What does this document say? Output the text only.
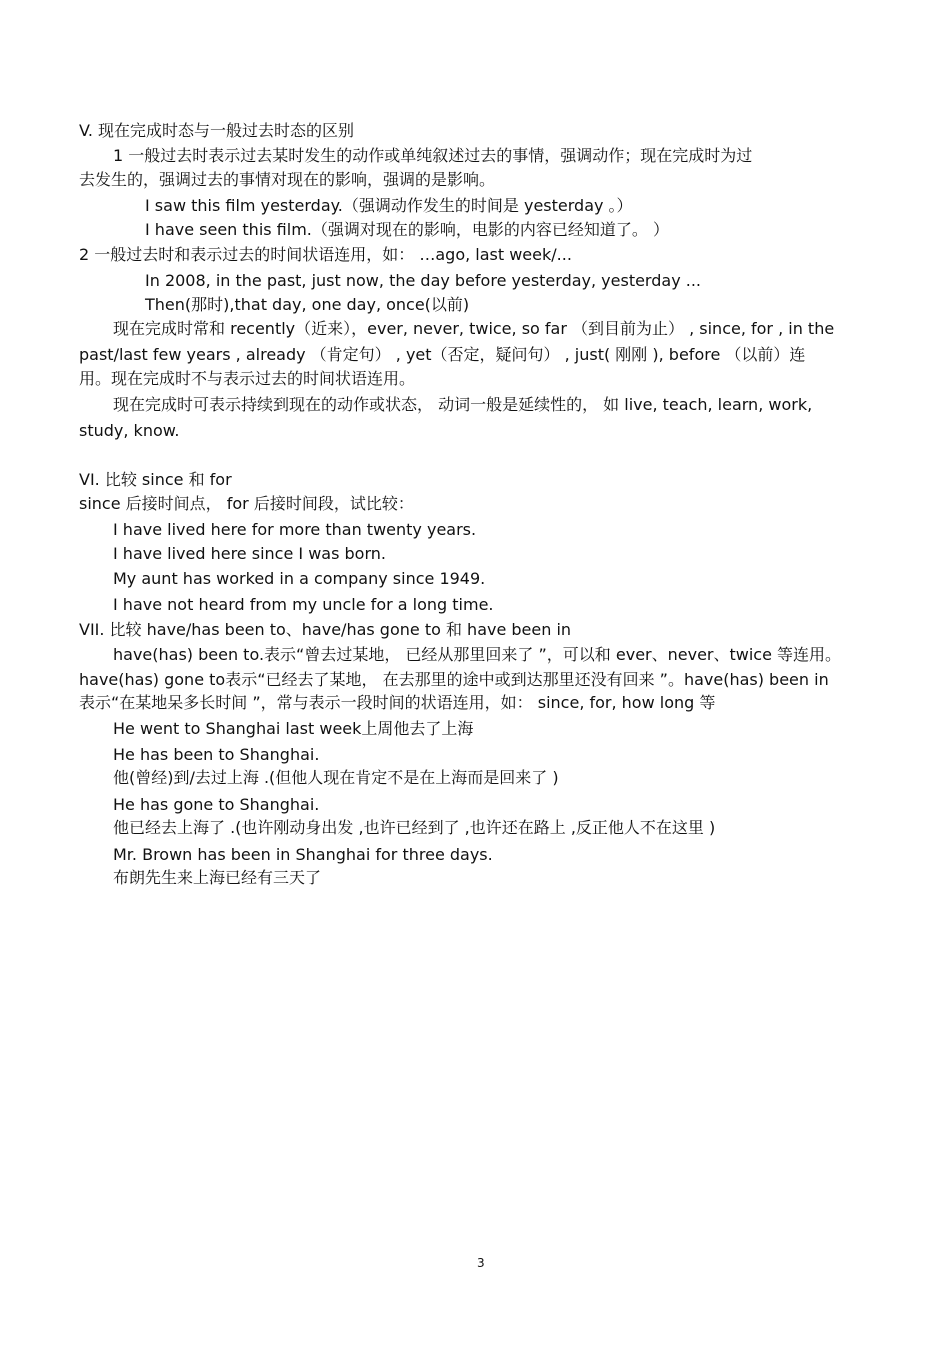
V. 现在完成时态与一般过去时态的区别
1 一般过去时表示过去某时发生的动作或单纯叙述过去的事情，强调动作；现在完成时为过
去发生的，强调过去的事情对现在的影响，强调的是影响。
I saw this film yesterday.（强调动作发生的时间是 yesterday 。）
I have seen this film.（强调对现在的影响，电影的内容已经知道了。 ）
2 一般过去时和表示过去的时间状语连用，如： …ago, last week/...
In 2008, in the past, just now, the day before yesterday, yesterday ...
Then(那时),that day, one day, once(以前)
现在完成时常和 recently（近来），ever, never, twice, so far （到目前为止） , since, for , in the
past/last few years , already （肯定句） , yet（否定，疑问句） , just( 刚刚 ), before （以前）连
用。现在完成时不与表示过去的时间状语连用。
现在完成时可表示持续到现在的动作或状态， 动词一般是延续性的， 如 live, teach, learn, work,
study, know.
VI. 比较 since 和 for
since 后接时间点， for 后接时间段，试比较：
I have lived here for more than twenty years.
I have lived here since I was born.
My aunt has worked in a company since 1949.
I have not heard from my uncle for a long time.
VII. 比较 have/has been to、have/has gone to 和 have been in
have(has) been to.表示“曾去过某地， 已经从那里回来了 ”，可以和 ever、never、twice 等连用。
have(has) gone to表示“已经去了某地， 在去那里的途中或到达那里还没有回来 ”。have(has) been in
表示“在某地呆多长时间 ”，常与表示一段时间的状语连用，如： since, for, how long 等
He went to Shanghai last week上周他去了上海
He has been to Shanghai.
他(曾经)到/去过上海 .(但他人现在肯定不是在上海而是回来了 )
He has gone to Shanghai.
他已经去上海了 .(也许刚动身出发 ,也许已经到了 ,也许还在路上 ,反正他人不在这里 )
Mr. Brown has been in Shanghai for three days.
布朗先生来上海已经有三天了
3
